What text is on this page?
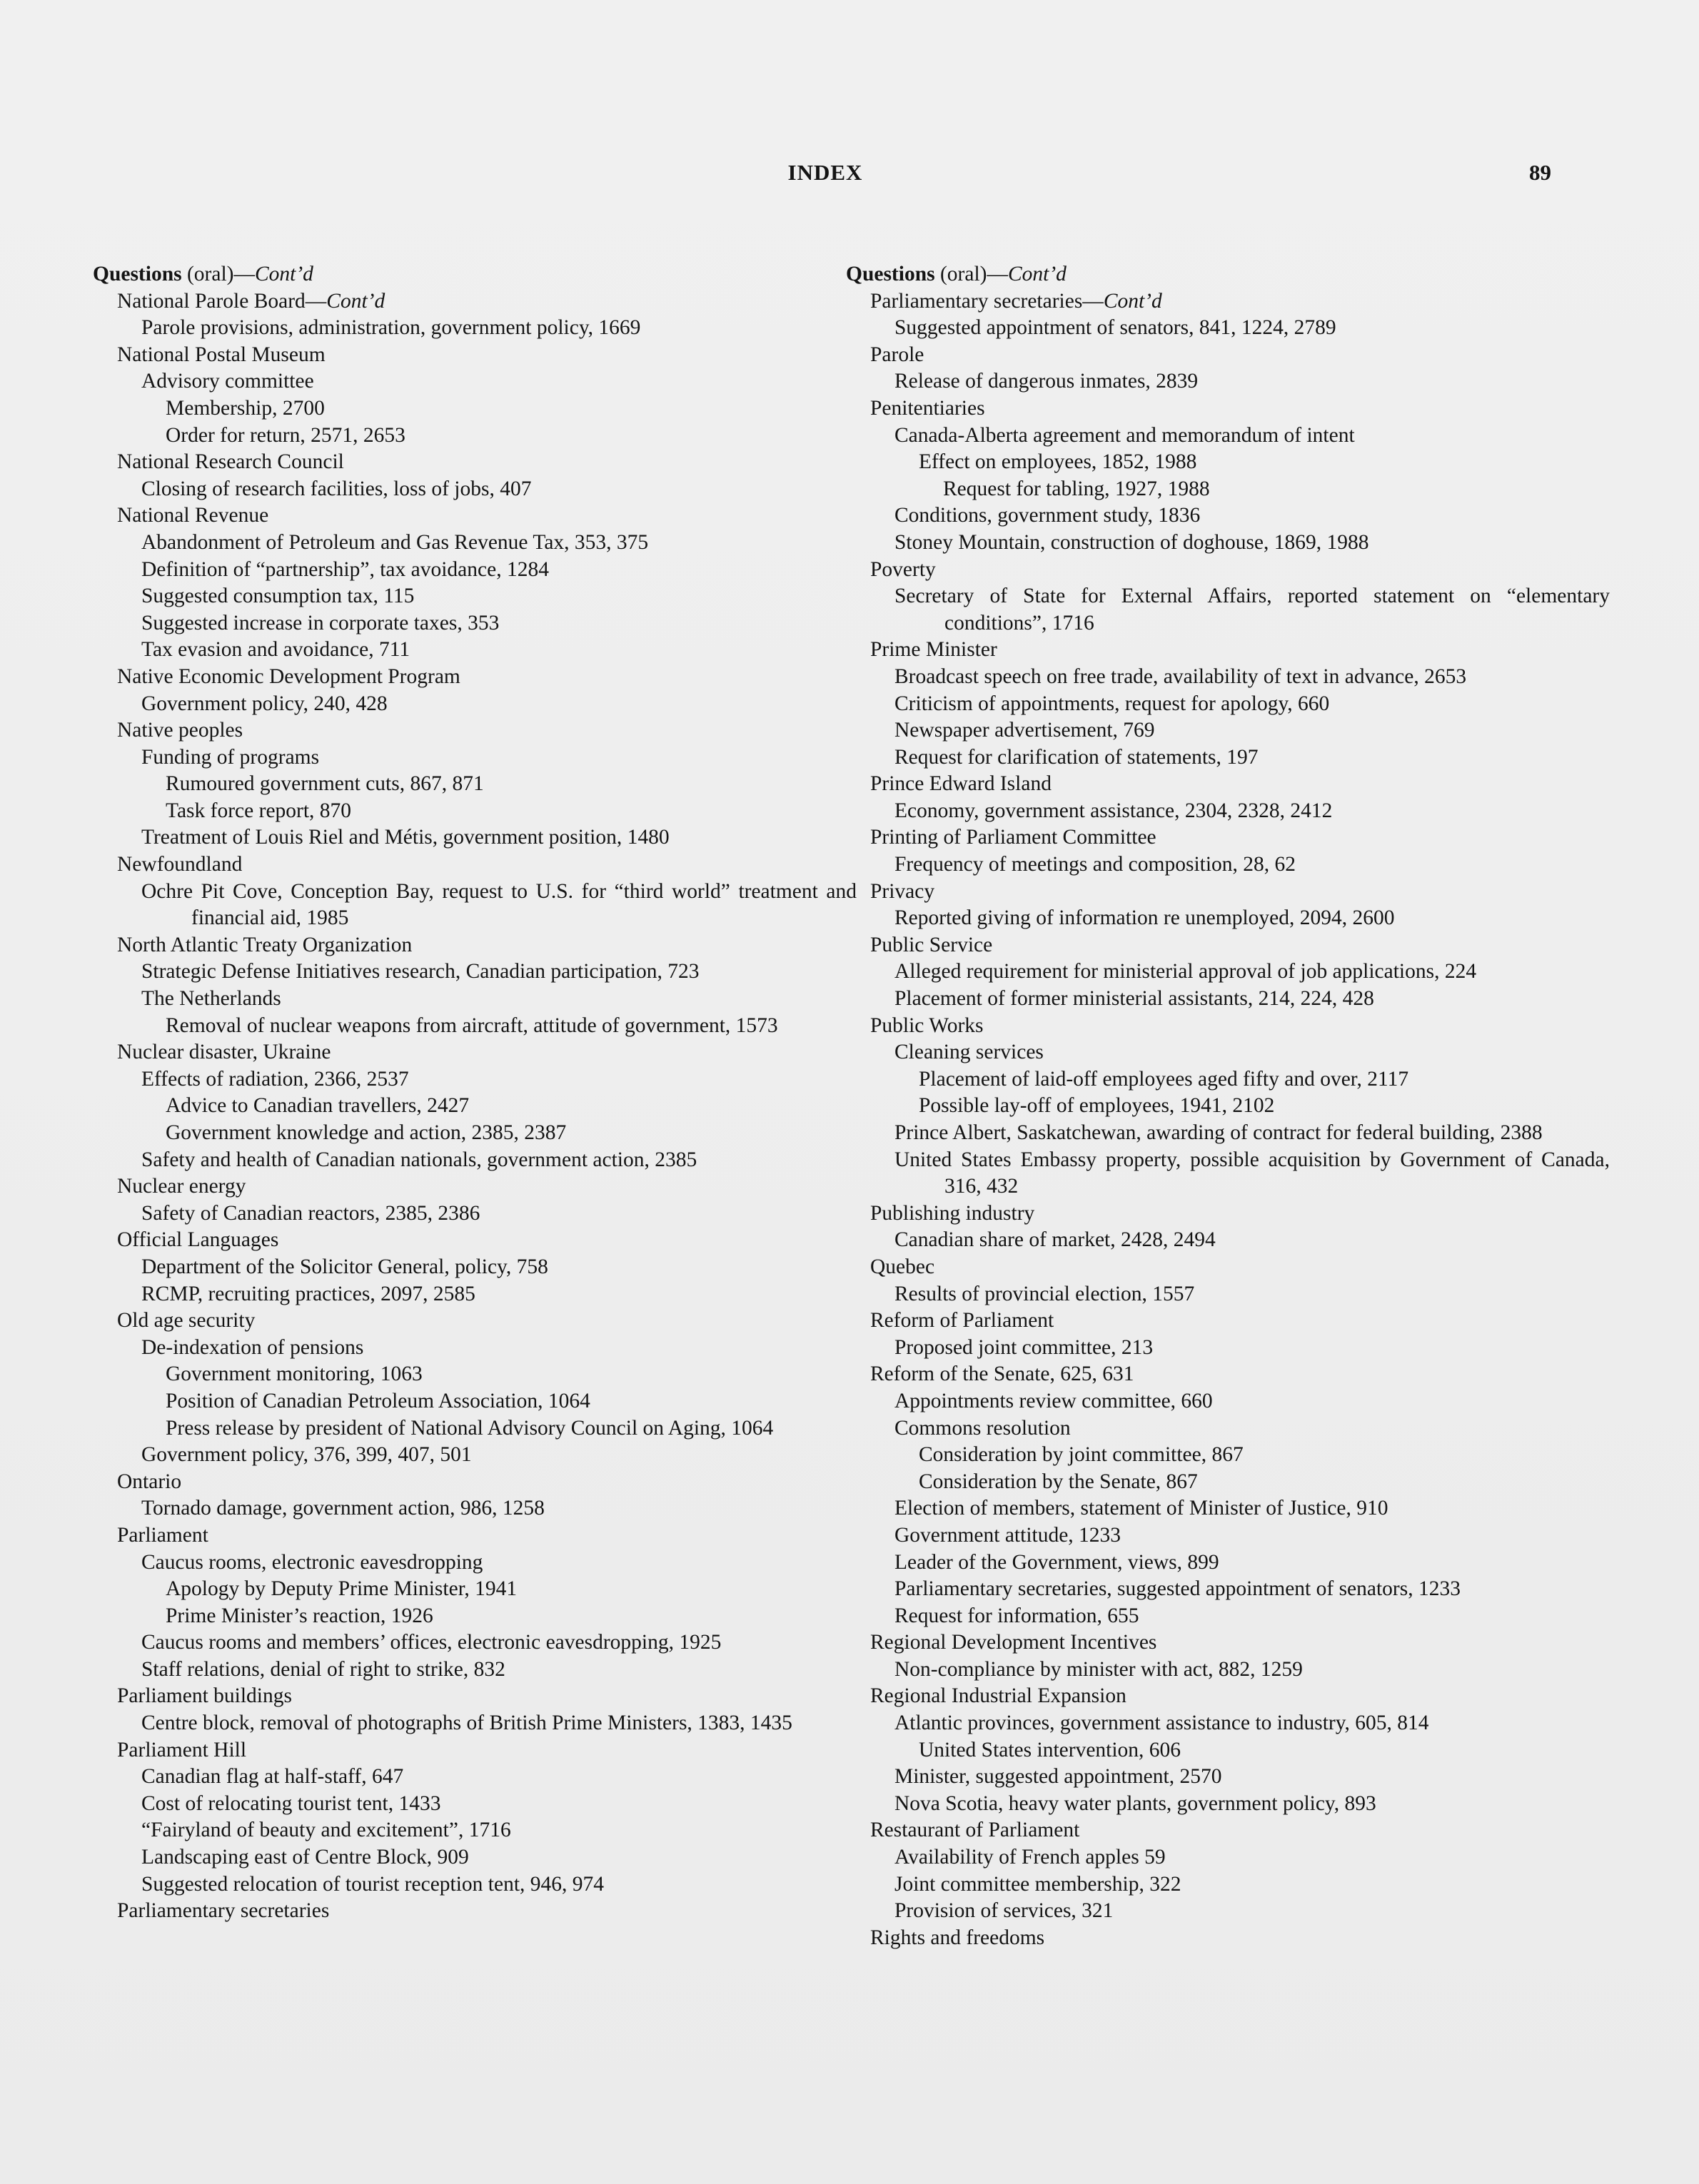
INDEX	89
Questions (oral)—Cont’d
National Parole Board—Cont’d
Parole provisions, administration, government policy, 1669
National Postal Museum
Advisory committee
Membership, 2700
Order for return, 2571, 2653
National Research Council
Closing of research facilities, loss of jobs, 407
National Revenue
Abandonment of Petroleum and Gas Revenue Tax, 353, 375
Definition of “partnership”, tax avoidance, 1284
Suggested consumption tax, 115
Suggested increase in corporate taxes, 353
Tax evasion and avoidance, 711
Native Economic Development Program
Government policy, 240, 428
Native peoples
Funding of programs
Rumoured government cuts, 867, 871
Task force report, 870
Treatment of Louis Riel and Métis, government position, 1480
Newfoundland
Ochre Pit Cove, Conception Bay, request to U.S. for “third world” treatment and financial aid, 1985
North Atlantic Treaty Organization
Strategic Defense Initiatives research, Canadian participation, 723
The Netherlands
Removal of nuclear weapons from aircraft, attitude of government, 1573
Nuclear disaster, Ukraine
Effects of radiation, 2366, 2537
Advice to Canadian travellers, 2427
Government knowledge and action, 2385, 2387
Safety and health of Canadian nationals, government action, 2385
Nuclear energy
Safety of Canadian reactors, 2385, 2386
Official Languages
Department of the Solicitor General, policy, 758
RCMP, recruiting practices, 2097, 2585
Old age security
De-indexation of pensions
Government monitoring, 1063
Position of Canadian Petroleum Association, 1064
Press release by president of National Advisory Council on Aging, 1064
Government policy, 376, 399, 407, 501
Ontario
Tornado damage, government action, 986, 1258
Parliament
Caucus rooms, electronic eavesdropping
Apology by Deputy Prime Minister, 1941
Prime Minister’s reaction, 1926
Caucus rooms and members’ offices, electronic eavesdropping, 1925
Staff relations, denial of right to strike, 832
Parliament buildings
Centre block, removal of photographs of British Prime Ministers, 1383, 1435
Parliament Hill
Canadian flag at half-staff, 647
Cost of relocating tourist tent, 1433
“Fairyland of beauty and excitement”, 1716
Landscaping east of Centre Block, 909
Suggested relocation of tourist reception tent, 946, 974
Parliamentary secretaries
Questions (oral)—Cont’d
Parliamentary secretaries—Cont’d
Suggested appointment of senators, 841, 1224, 2789
Parole
Release of dangerous inmates, 2839
Penitentiaries
Canada-Alberta agreement and memorandum of intent
Effect on employees, 1852, 1988
Request for tabling, 1927, 1988
Conditions, government study, 1836
Stoney Mountain, construction of doghouse, 1869, 1988
Poverty
Secretary of State for External Affairs, reported statement on “elementary conditions”, 1716
Prime Minister
Broadcast speech on free trade, availability of text in advance, 2653
Criticism of appointments, request for apology, 660
Newspaper advertisement, 769
Request for clarification of statements, 197
Prince Edward Island
Economy, government assistance, 2304, 2328, 2412
Printing of Parliament Committee
Frequency of meetings and composition, 28, 62
Privacy
Reported giving of information re unemployed, 2094, 2600
Public Service
Alleged requirement for ministerial approval of job applications, 224
Placement of former ministerial assistants, 214, 224, 428
Public Works
Cleaning services
Placement of laid-off employees aged fifty and over, 2117
Possible lay-off of employees, 1941, 2102
Prince Albert, Saskatchewan, awarding of contract for federal building, 2388
United States Embassy property, possible acquisition by Government of Canada, 316, 432
Publishing industry
Canadian share of market, 2428, 2494
Quebec
Results of provincial election, 1557
Reform of Parliament
Proposed joint committee, 213
Reform of the Senate, 625, 631
Appointments review committee, 660
Commons resolution
Consideration by joint committee, 867
Consideration by the Senate, 867
Election of members, statement of Minister of Justice, 910
Government attitude, 1233
Leader of the Government, views, 899
Parliamentary secretaries, suggested appointment of senators, 1233
Request for information, 655
Regional Development Incentives
Non-compliance by minister with act, 882, 1259
Regional Industrial Expansion
Atlantic provinces, government assistance to industry, 605, 814
United States intervention, 606
Minister, suggested appointment, 2570
Nova Scotia, heavy water plants, government policy, 893
Restaurant of Parliament
Availability of French apples 59
Joint committee membership, 322
Provision of services, 321
Rights and freedoms
